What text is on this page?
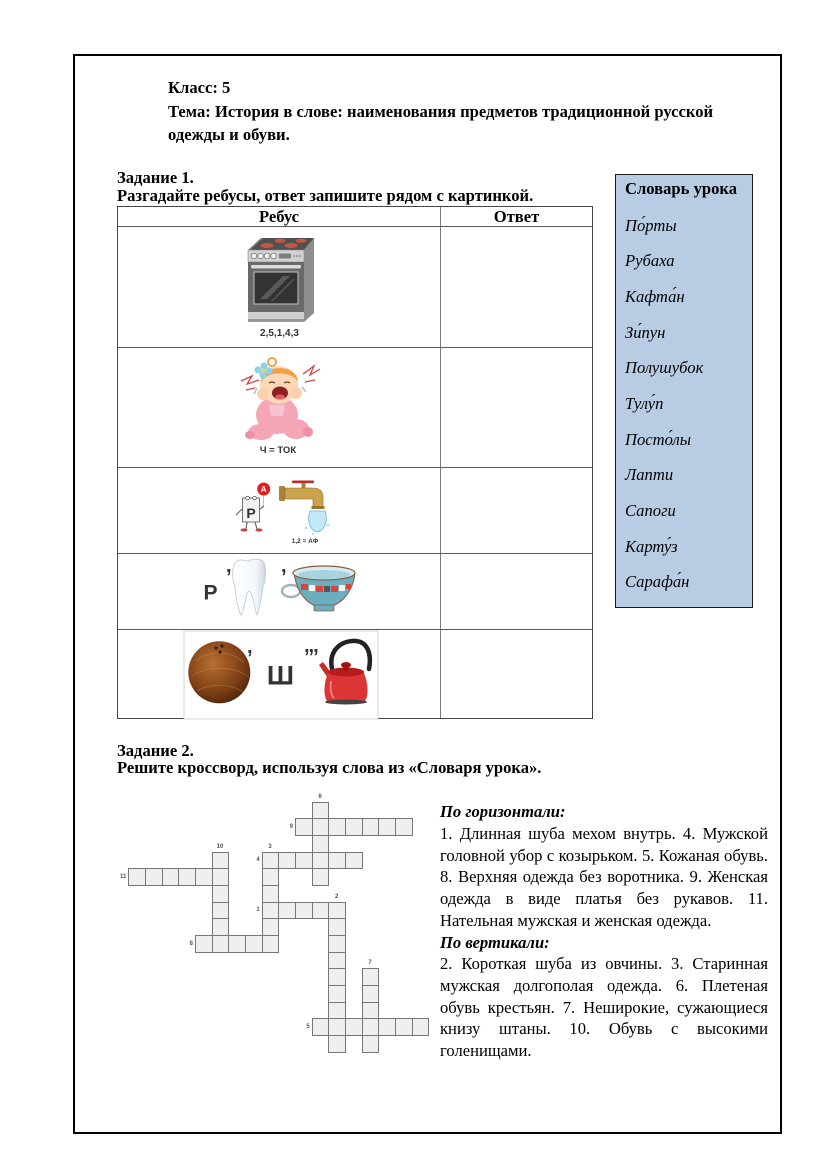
Класс: 5
Тема: История в слове: наименования предметов традиционной русской одежды и обуви.
Задание 1.
Разгадайте ребусы, ответ запишите рядом с картинкой.
Ребус	Ответ
2,5,1,4,3
Ч = ТОК
Р
А
1,2 = АФ
Р
, ,
,
Ш
,,,
Словарь урока
По́рты
Рубаха
Кафта́н
Зи́пун
Полушубок
Тулу́п
Посто́лы
Лапти
Сапоги
Карту́з
Сарафа́н
Задание 2.
Решите кроссворд, используя слова из «Словаря урока».
1
2
3
4
5
6
7
8
9
10
11
По горизонтали:

1. Длинная шуба мехом внутрь. 4. Мужской головной убор с козырьком. 5. Кожаная обувь. 8. Верхняя одежда без воротника. 9. Женская одежда в виде платья без рукавов. 11. Нательная мужская и женская одежда.

По вертикали:

2. Короткая шуба из овчины. 3. Старинная мужская долгополая одежда. 6. Плетеная обувь крестьян. 7. Неширокие, сужающиеся книзу штаны. 10. Обувь с высокими голенищами.
